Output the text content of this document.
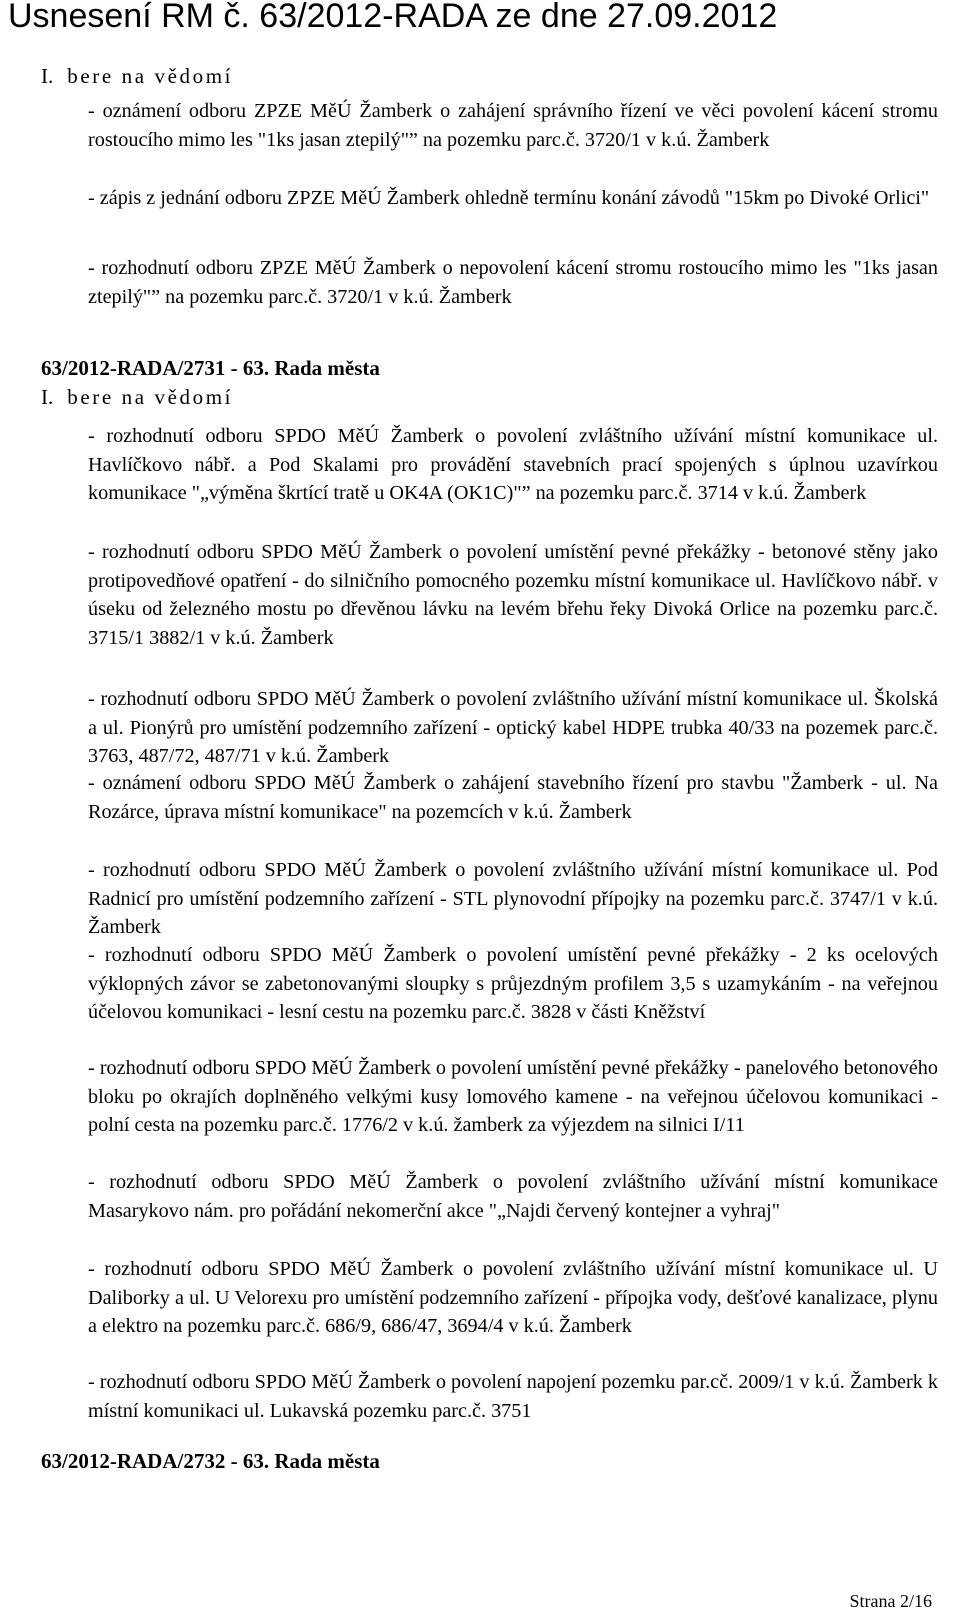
Usnesení RM č. 63/2012-RADA ze dne 27.09.2012
I. bere na vědomí
- oznámení odboru ZPZE MěÚ Žamberk o zahájení správního řízení ve věci povolení kácení stromu rostoucího mimo les "1ks jasan ztepilý"” na pozemku parc.č. 3720/1 v k.ú. Žamberk
- zápis z jednání odboru ZPZE MěÚ Žamberk ohledně termínu konání závodů "15km po Divoké Orlici"
- rozhodnutí odboru ZPZE MěÚ Žamberk o nepovolení kácení stromu rostoucího mimo les "1ks jasan ztepilý"” na pozemku parc.č. 3720/1 v k.ú. Žamberk
63/2012-RADA/2731 - 63. Rada města
I. bere na vědomí
- rozhodnutí odboru SPDO MěÚ Žamberk o povolení zvláštního užívání místní komunikace ul. Havlíčkovo nábř. a Pod Skalami pro provádění stavebních prací spojených s úplnou uzavírkou komunikace "„výměna škrtící tratě u OK4A (OK1C)"” na pozemku parc.č. 3714 v k.ú. Žamberk
- rozhodnutí odboru SPDO MěÚ Žamberk o povolení umístění pevné překážky - betonové stěny jako protipovedňové opatření - do silničního pomocného pozemku místní komunikace ul. Havlíčkovo nábř. v úseku od železného mostu po dřevěnou lávku na levém břehu řeky Divoká Orlice na pozemku parc.č. 3715/1 3882/1 v k.ú. Žamberk
- rozhodnutí odboru SPDO MěÚ Žamberk o povolení zvláštního užívání místní komunikace ul. Školská a ul. Pionýrů pro umístění podzemního zařízení - optický kabel HDPE trubka 40/33 na pozemek parc.č. 3763, 487/72, 487/71 v k.ú. Žamberk
- oznámení odboru SPDO MěÚ Žamberk o zahájení stavebního řízení pro stavbu "Žamberk - ul. Na Rozárce, úprava místní komunikace" na pozemcích v k.ú. Žamberk
- rozhodnutí odboru SPDO MěÚ Žamberk o povolení zvláštního užívání místní komunikace ul. Pod Radnicí pro umístění podzemního zařízení - STL plynovodní přípojky na pozemku parc.č. 3747/1 v k.ú. Žamberk
- rozhodnutí odboru SPDO MěÚ Žamberk o povolení umístění pevné překážky - 2 ks ocelových výklopných závor se zabetonovanými sloupky s průjezdným profilem 3,5 s uzamykáním - na veřejnou účelovou komunikaci - lesní cestu na pozemku parc.č. 3828 v části Kněžství
- rozhodnutí odboru SPDO MěÚ Žamberk o povolení umístění pevné překážky - panelového betonového bloku po okrajích doplněného velkými kusy lomového kamene - na veřejnou účelovou komunikaci - polní cesta na pozemku parc.č. 1776/2 v k.ú. žamberk za výjezdem na silnici I/11
- rozhodnutí odboru SPDO MěÚ Žamberk o povolení zvláštního užívání místní komunikace Masarykovo nám. pro pořádání nekomerční akce "„Najdi červený kontejner a vyhraj"
- rozhodnutí odboru SPDO MěÚ Žamberk o povolení zvláštního užívání místní komunikace ul. U Daliborky a ul. U Velorexu pro umístění podzemního zařízení - přípojka vody, dešťové kanalizace, plynu a elektro na pozemku parc.č. 686/9, 686/47, 3694/4 v k.ú. Žamberk
- rozhodnutí odboru SPDO MěÚ Žamberk o povolení napojení pozemku par.cč. 2009/1 v k.ú. Žamberk k místní komunikaci ul. Lukavská pozemku parc.č. 3751
63/2012-RADA/2732 - 63. Rada města
Strana 2/16
